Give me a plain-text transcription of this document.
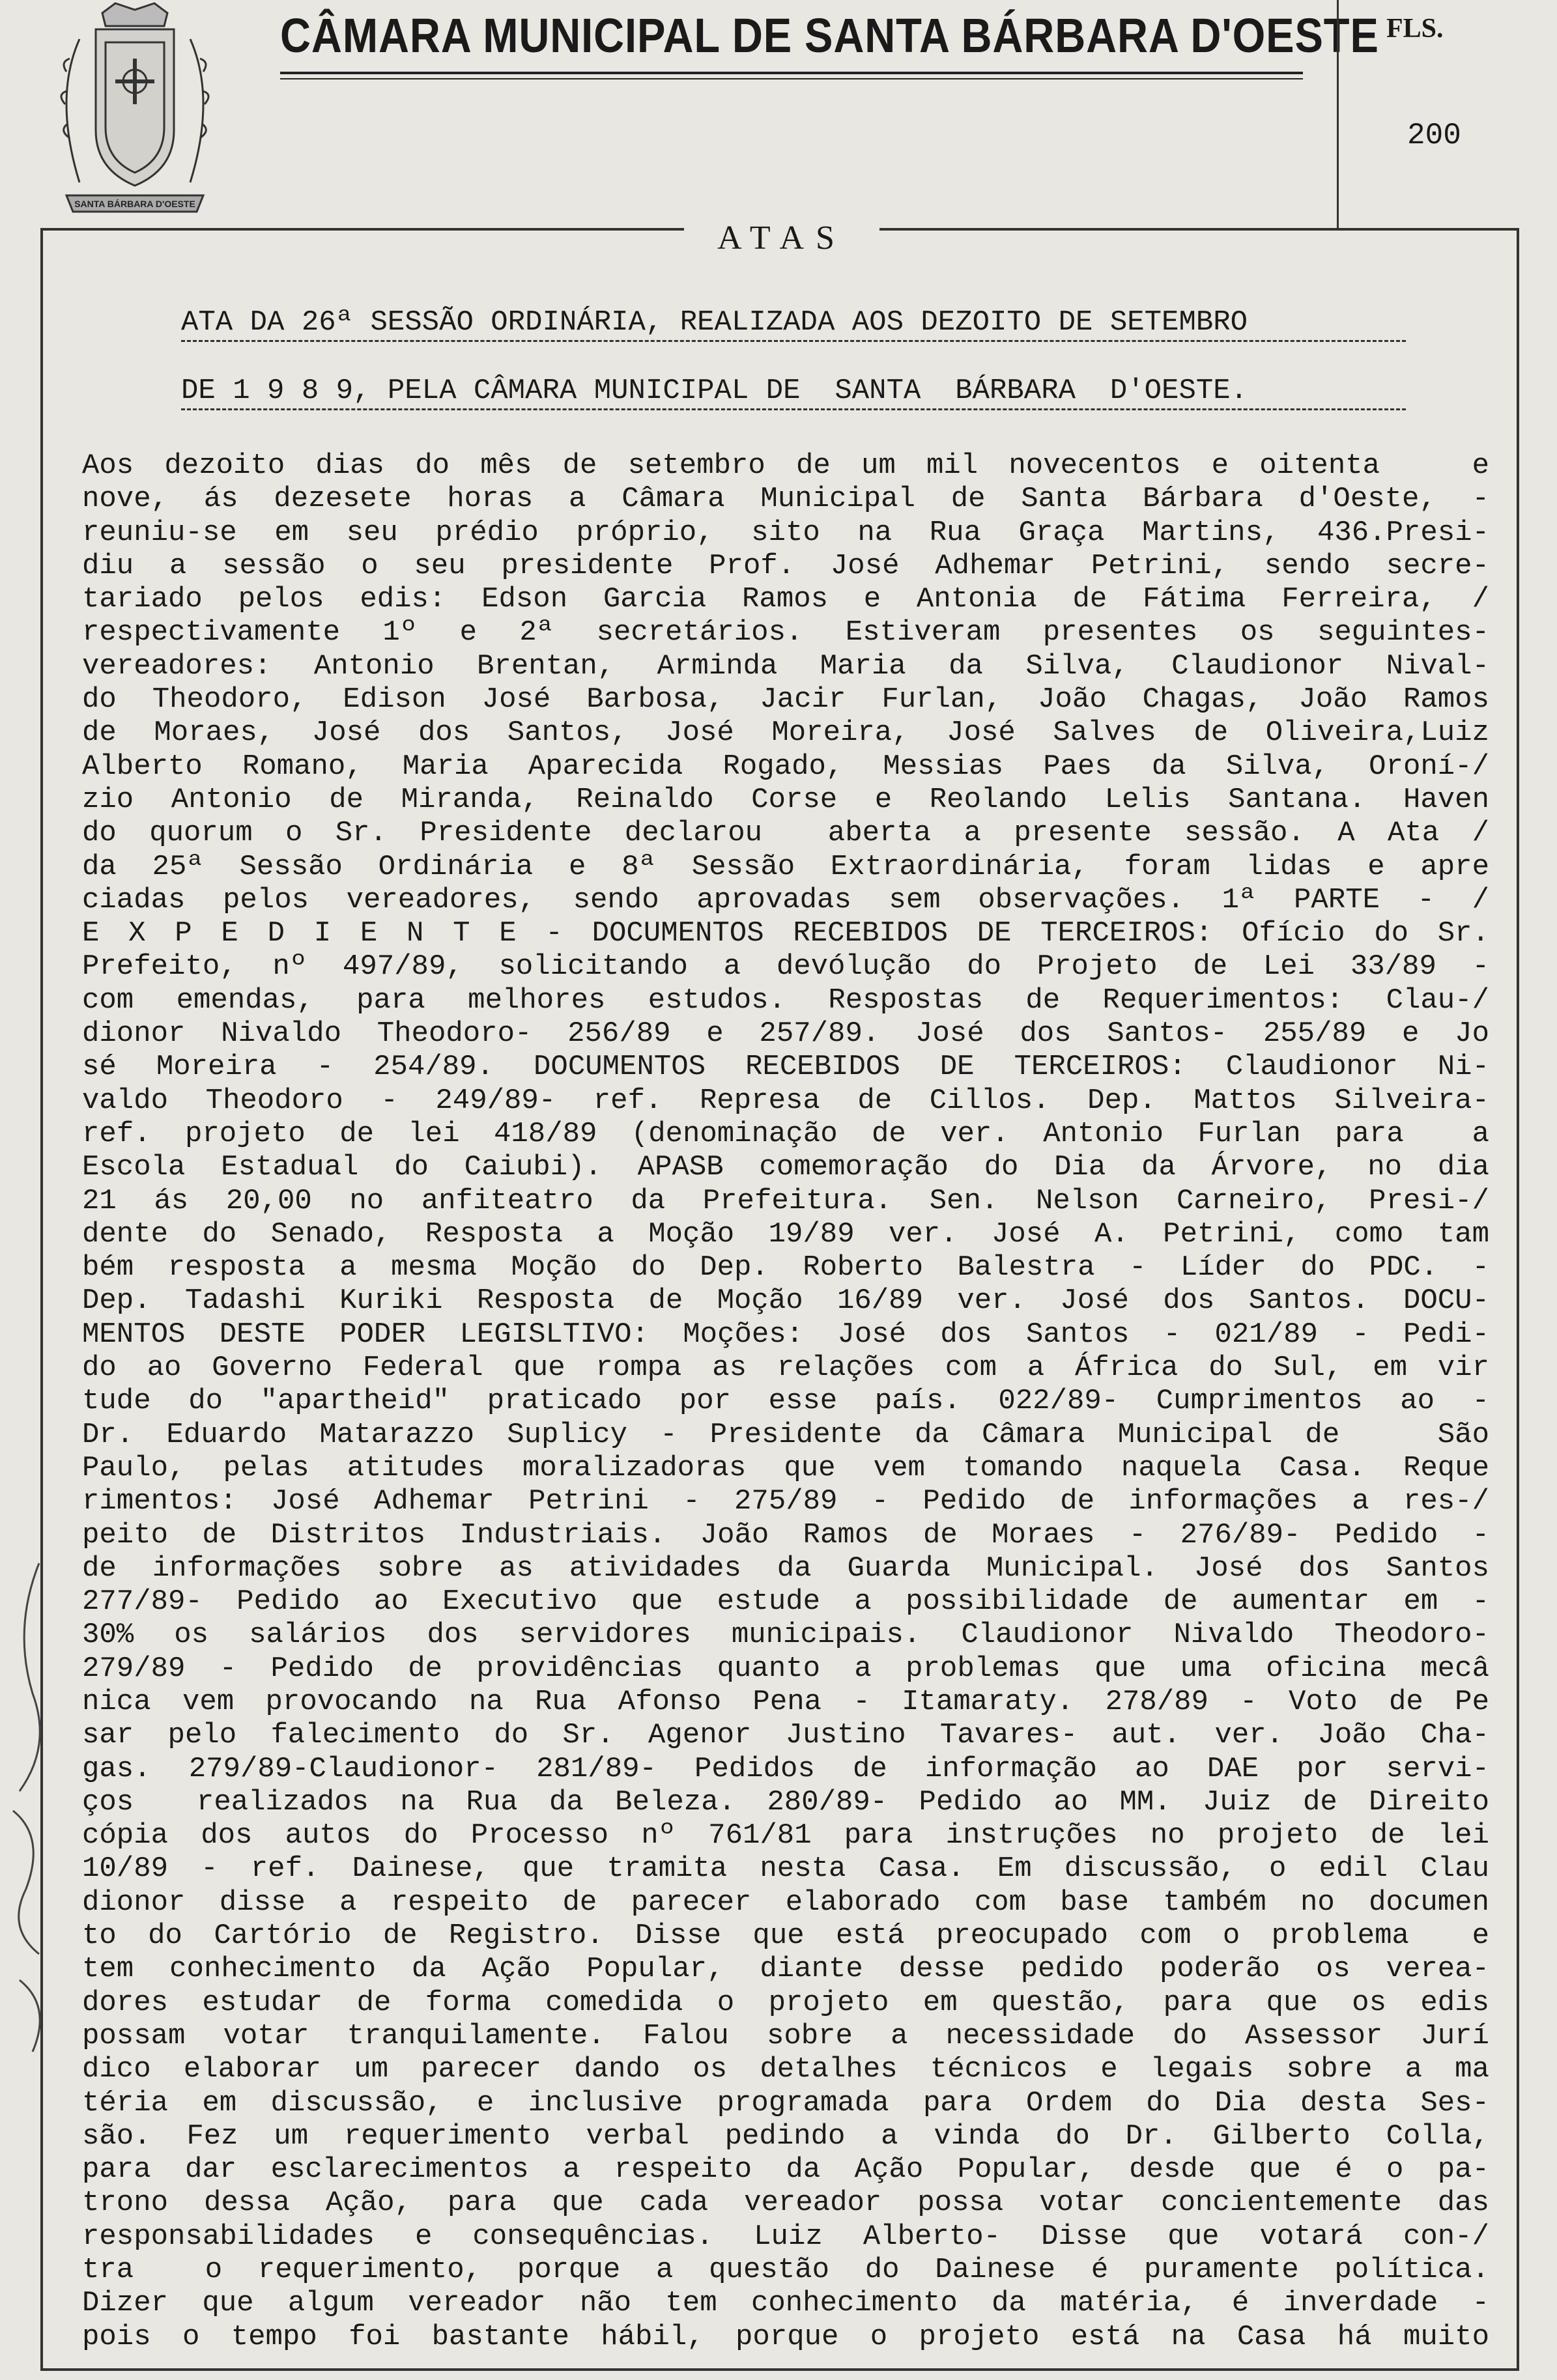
SANTA BÁRBARA D'OESTE
CÂMARA MUNICIPAL DE SANTA BÁRBARA D'OESTE FLS.
200
ATAS
ATA DA 26ª SESSÃO ORDINÁRIA, REALIZADA AOS DEZOITO DE SETEMBRO
DE 1 9 8 9, PELA CÂMARA MUNICIPAL DE  SANTA  BÁRBARA  D'OESTE.
Aos dezoito dias do mês de setembro de um mil novecentos e oitenta   e
nove, ás dezesete horas a Câmara Municipal de Santa Bárbara d'Oeste, -
reuniu-se em seu prédio próprio, sito na Rua Graça Martins, 436.Presi-
diu a sessão o seu presidente Prof. José Adhemar Petrini, sendo secre-
tariado pelos edis: Edson Garcia Ramos e Antonia de Fátima Ferreira, /
respectivamente 1º e 2ª secretários. Estiveram presentes os seguintes-
vereadores: Antonio Brentan, Arminda Maria da Silva, Claudionor Nival-
do Theodoro, Edison José Barbosa, Jacir Furlan, João Chagas, João Ramos
de Moraes, José dos Santos, José Moreira, José Salves de Oliveira,Luiz
Alberto Romano, Maria Aparecida Rogado, Messias Paes da Silva, Oroní-/
zio Antonio de Miranda, Reinaldo Corse e Reolando Lelis Santana. Haven
do quorum o Sr. Presidente declarou  aberta a presente sessão. A Ata /
da 25ª Sessão Ordinária e 8ª Sessão Extraordinária, foram lidas e apre
ciadas pelos vereadores, sendo aprovadas sem observações. 1ª PARTE - /
E X P E D I E N T E - DOCUMENTOS RECEBIDOS DE TERCEIROS: Ofício do Sr.
Prefeito, nº 497/89, solicitando a devólução do Projeto de Lei 33/89 -
com emendas, para melhores estudos. Respostas de Requerimentos: Clau-/
dionor Nivaldo Theodoro- 256/89 e 257/89. José dos Santos- 255/89 e Jo
sé Moreira - 254/89. DOCUMENTOS RECEBIDOS DE TERCEIROS: Claudionor Ni-
valdo Theodoro - 249/89- ref. Represa de Cillos. Dep. Mattos Silveira-
ref. projeto de lei 418/89 (denominação de ver. Antonio Furlan para  a
Escola Estadual do Caiubi). APASB comemoração do Dia da Árvore, no dia
21 ás 20,00 no anfiteatro da Prefeitura. Sen. Nelson Carneiro, Presi-/
dente do Senado, Resposta a Moção 19/89 ver. José A. Petrini, como tam
bém resposta a mesma Moção do Dep. Roberto Balestra - Líder do PDC. -
Dep. Tadashi Kuriki Resposta de Moção 16/89 ver. José dos Santos. DOCU-
MENTOS DESTE PODER LEGISLTIVO: Moções: José dos Santos - 021/89 - Pedi-
do ao Governo Federal que rompa as relações com a África do Sul, em vir
tude do "apartheid" praticado por esse país. 022/89- Cumprimentos ao -
Dr. Eduardo Matarazzo Suplicy - Presidente da Câmara Municipal de   São
Paulo, pelas atitudes moralizadoras que vem tomando naquela Casa. Reque
rimentos: José Adhemar Petrini - 275/89 - Pedido de informações a res-/
peito de Distritos Industriais. João Ramos de Moraes - 276/89- Pedido -
de informações sobre as atividades da Guarda Municipal. José dos Santos
277/89- Pedido ao Executivo que estude a possibilidade de aumentar em -
30% os salários dos servidores municipais. Claudionor Nivaldo Theodoro-
279/89 - Pedido de providências quanto a problemas que uma oficina mecâ
nica vem provocando na Rua Afonso Pena - Itamaraty. 278/89 - Voto de Pe
sar pelo falecimento do Sr. Agenor Justino Tavares- aut. ver. João Cha-
gas. 279/89-Claudionor- 281/89- Pedidos de informação ao DAE por servi-
ços  realizados na Rua da Beleza. 280/89- Pedido ao MM. Juiz de Direito
cópia dos autos do Processo nº 761/81 para instruções no projeto de lei
10/89 - ref. Dainese, que tramita nesta Casa. Em discussão, o edil Clau
dionor disse a respeito de parecer elaborado com base também no documen
to do Cartório de Registro. Disse que está preocupado com o problema  e
tem conhecimento da Ação Popular, diante desse pedido poderão os verea-
dores estudar de forma comedida o projeto em questão, para que os edis
possam votar tranquilamente. Falou sobre a necessidade do Assessor Jurí
dico elaborar um parecer dando os detalhes técnicos e legais sobre a ma
téria em discussão, e inclusive programada para Ordem do Dia desta Ses-
são. Fez um requerimento verbal pedindo a vinda do Dr. Gilberto Colla,
para dar esclarecimentos a respeito da Ação Popular, desde que é o pa-
trono dessa Ação, para que cada vereador possa votar concientemente das
responsabilidades e consequências. Luiz Alberto- Disse que votará con-/
tra  o requerimento, porque a questão do Dainese é puramente política.
Dizer que algum vereador não tem conhecimento da matéria, é inverdade -
pois o tempo foi bastante hábil, porque o projeto está na Casa há muito
